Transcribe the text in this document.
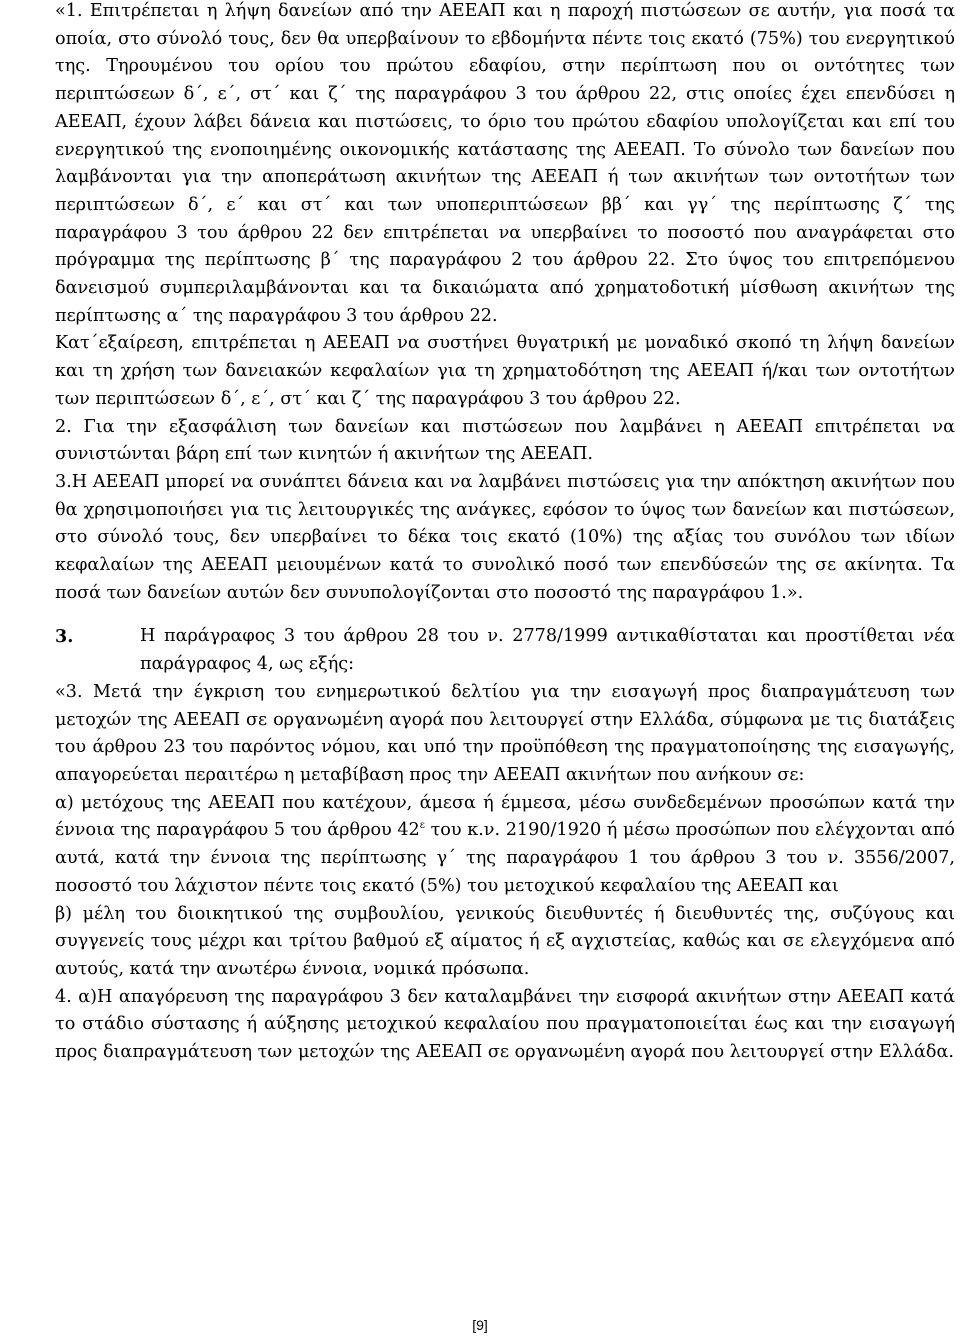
«1. Επιτρέπεται η λήψη δανείων από την ΑΕΕΑΠ και η παροχή πιστώσεων σε αυτήν, για ποσά τα οποία, στο σύνολό τους, δεν θα υπερβαίνουν το εβδομήντα πέντε τοις εκατό (75%) του ενεργητικού της. Τηρουμένου του ορίου του πρώτου εδαφίου, στην περίπτωση που οι οντότητες των περιπτώσεων δ΄, ε΄, στ΄ και ζ΄ της παραγράφου 3 του άρθρου 22, στις οποίες έχει επενδύσει η ΑΕΕΑΠ, έχουν λάβει δάνεια και πιστώσεις, το όριο του πρώτου εδαφίου υπολογίζεται και επί του ενεργητικού της ενοποιημένης οικονομικής κατάστασης της ΑΕΕΑΠ. Το σύνολο των δανείων που λαμβάνονται για την αποπεράτωση ακινήτων της ΑΕΕΑΠ ή των ακινήτων των οντοτήτων των περιπτώσεων δ΄, ε΄ και στ΄ και των υποπεριπτώσεων ββ΄ και γγ΄ της περίπτωσης ζ΄ της παραγράφου 3 του άρθρου 22 δεν επιτρέπεται να υπερβαίνει το ποσοστό που αναγράφεται στο πρόγραμμα της περίπτωσης β΄ της παραγράφου 2 του άρθρου 22. Στο ύψος του επιτρεπόμενου δανεισμού συμπεριλαμβάνονται και τα δικαιώματα από χρηματοδοτική μίσθωση ακινήτων της περίπτωσης α΄ της παραγράφου 3 του άρθρου 22.

Κατ΄εξαίρεση, επιτρέπεται η ΑΕΕΑΠ να συστήνει θυγατρική με μοναδικό σκοπό τη λήψη δανείων και τη χρήση των δανειακών κεφαλαίων για τη χρηματοδότηση της ΑΕΕΑΠ ή/και των οντοτήτων των περιπτώσεων δ΄, ε΄, στ΄ και ζ΄ της παραγράφου 3 του άρθρου 22.

2. Για την εξασφάλιση των δανείων και πιστώσεων που λαμβάνει η ΑΕΕΑΠ επιτρέπεται να συνιστώνται βάρη επί των κινητών ή ακινήτων της ΑΕΕΑΠ.

3.Η ΑΕΕΑΠ μπορεί να συνάπτει δάνεια και να λαμβάνει πιστώσεις για την απόκτηση ακινήτων που θα χρησιμοποιήσει για τις λειτουργικές της ανάγκες, εφόσον το ύψος των δανείων και πιστώσεων, στο σύνολό τους, δεν υπερβαίνει το δέκα τοις εκατό (10%) της αξίας του συνόλου των ιδίων κεφαλαίων της ΑΕΕΑΠ μειουμένων κατά το συνολικό ποσό των επενδύσεών της σε ακίνητα. Τα ποσά των δανείων αυτών δεν συνυπολογίζονται στο ποσοστό της παραγράφου 1.».

3.	Η παράγραφος 3 του άρθρου 28 του ν. 2778/1999 αντικαθίσταται και προστίθεται νέα παράγραφος 4, ως εξής:

«3. Μετά την έγκριση του ενημερωτικού δελτίου για την εισαγωγή προς διαπραγμάτευση των μετοχών της ΑΕΕΑΠ σε οργανωμένη αγορά που λειτουργεί στην Ελλάδα, σύμφωνα με τις διατάξεις του άρθρου 23 του παρόντος νόμου, και υπό την προϋπόθεση της πραγματοποίησης της εισαγωγής, απαγορεύεται περαιτέρω η μεταβίβαση προς την ΑΕΕΑΠ ακινήτων που ανήκουν σε:

α) μετόχους της ΑΕΕΑΠ που κατέχουν, άμεσα ή έμμεσα, μέσω συνδεδεμένων προσώπων κατά την έννοια της παραγράφου 5 του άρθρου $42^\varepsilon$ του κ.ν. 2190/1920 ή μέσω προσώπων που ελέγχονται από αυτά, κατά την έννοια της περίπτωσης γ΄ της παραγράφου 1 του άρθρου 3 του ν. 3556/2007, ποσοστό του λάχιστον πέντε τοις εκατό (5%) του μετοχικού κεφαλαίου της ΑΕΕΑΠ και

β) μέλη του διοικητικού της συμβουλίου, γενικούς διευθυντές ή διευθυντές της, συζύγους και συγγενείς τους μέχρι και τρίτου βαθμού εξ αίματος ή εξ αγχιστείας, καθώς και σε ελεγχόμενα από αυτούς, κατά την ανωτέρω έννοια, νομικά πρόσωπα.

4. α)Η απαγόρευση της παραγράφου 3 δεν καταλαμβάνει την εισφορά ακινήτων στην ΑΕΕΑΠ κατά το στάδιο σύστασης ή αύξησης μετοχικού κεφαλαίου που πραγματοποιείται έως και την εισαγωγή προς διαπραγμάτευση των μετοχών της ΑΕΕΑΠ σε οργανωμένη αγορά που λειτουργεί στην Ελλάδα.

[9]
